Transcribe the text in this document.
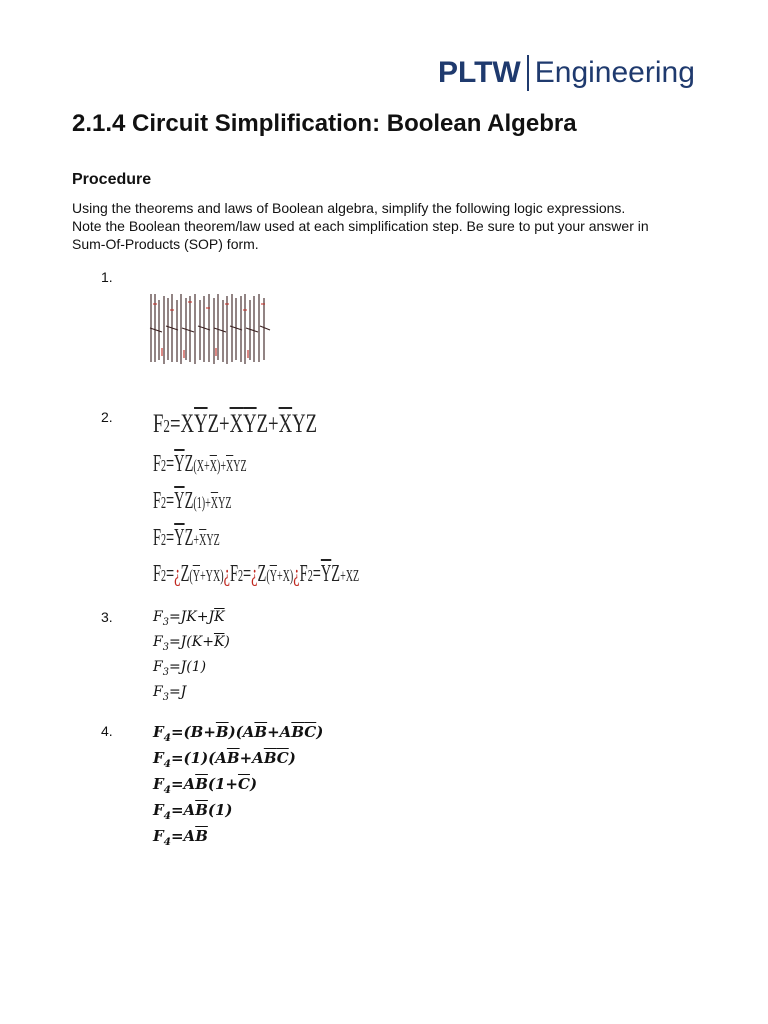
PLTW Engineering
2.1.4 Circuit Simplification: Boolean Algebra
Procedure

Using the theorems and laws of Boolean algebra, simplify the following logic expressions.

Note the Boolean theorem/law used at each simplification step. Be sure to put your answer in

Sum-Of-Products (SOP) form.

1.
2. $F2=X\overline{Y}Z+\overline{X}\overline{Y}Z+\overline{X}YZ$
$F2=\overline{Y}Z(X+\overline{X})+\overline{X}YZ$
$F2=\overline{Y}Z(1)+\overline{X}YZ$
$F2=\overline{Y}Z+\overline{X}YZ$
$F2=¿Z(\overline{Y}+YX)¿F2=¿Z(\overline{Y}+X)¿F2=\overline{Y}Z+XZ$
3.	$F_3=JK+J\overline{K}$
$F_3=J(K+\overline{K})$
$F_3=J(1)$
$F_3=J$
4.	$F_4=(B+\overline{B})(A\overline{B}+A\overline{B}\overline{C})$
$F_4=(1)(A\overline{B}+A\overline{B}\overline{C})$
$F_4=A\overline{B}(1+\overline{C})$
$F_4=A\overline{B}(1)$
$F_4=A\overline{B}$
